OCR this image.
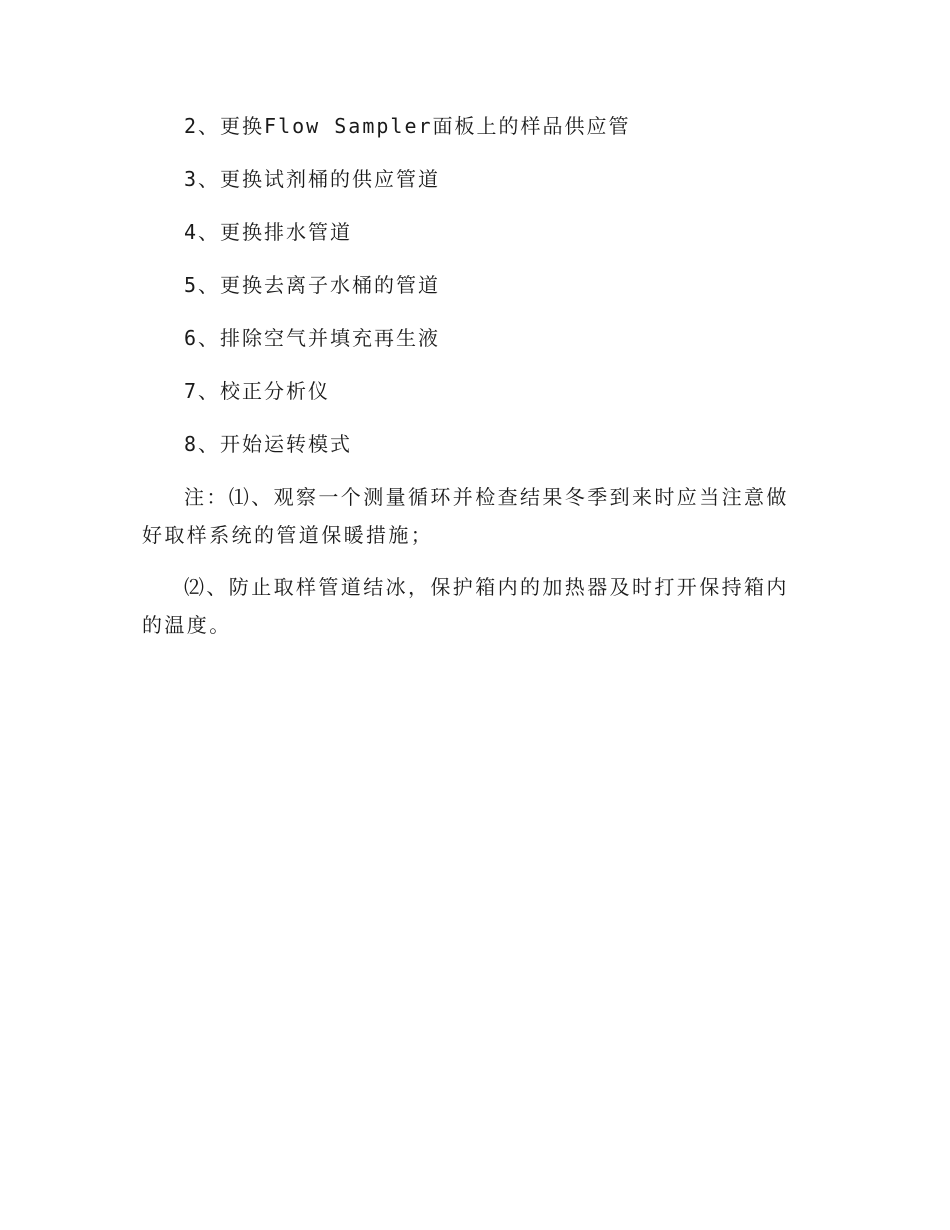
2、更换Flow Sampler面板上的样品供应管
3、更换试剂桶的供应管道
4、更换排水管道
5、更换去离子水桶的管道
6、排除空气并填充再生液
7、校正分析仪
8、开始运转模式

注：⑴、观察一个测量循环并检查结果冬季到来时应当注意做好取样系统的管道保暖措施；

⑵、防止取样管道结冰，保护箱内的加热器及时打开保持箱内的温度。
